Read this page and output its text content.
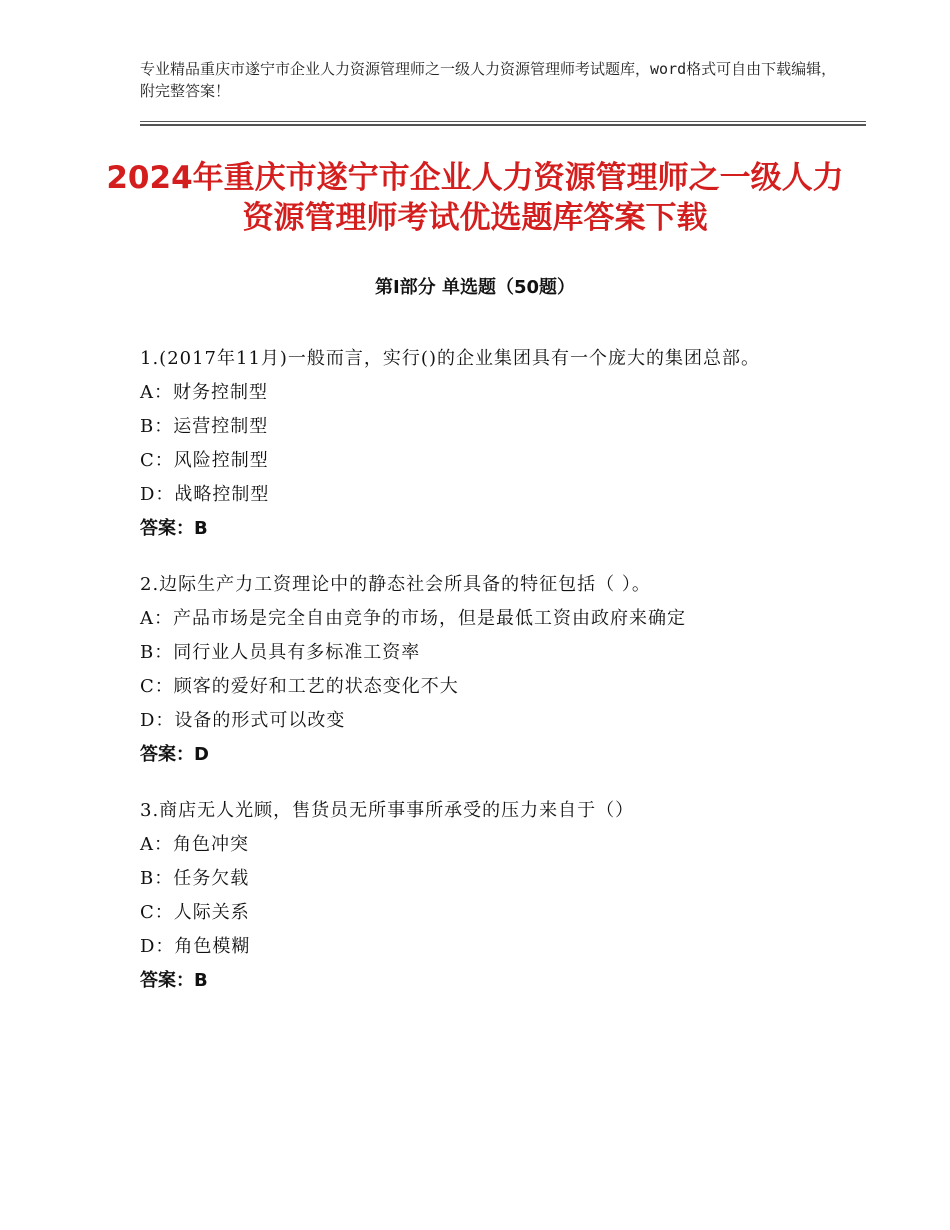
专业精品重庆市遂宁市企业人力资源管理师之一级人力资源管理师考试题库，word格式可自由下载编辑，附完整答案！
2024年重庆市遂宁市企业人力资源管理师之一级人力资源管理师考试优选题库答案下载
第Ⅰ部分 单选题（50题）
1.(2017年11月)一般而言，实行()的企业集团具有一个庞大的集团总部。
A：财务控制型
B：运营控制型
C：风险控制型
D：战略控制型
答案：B
2.边际生产力工资理论中的静态社会所具备的特征包括（ ）。
A：产品市场是完全自由竞争的市场，但是最低工资由政府来确定
B：同行业人员具有多标准工资率
C：顾客的爱好和工艺的状态变化不大
D：设备的形式可以改变
答案：D
3.商店无人光顾，售货员无所事事所承受的压力来自于（）
A：角色冲突
B：任务欠载
C：人际关系
D：角色模糊
答案：B
